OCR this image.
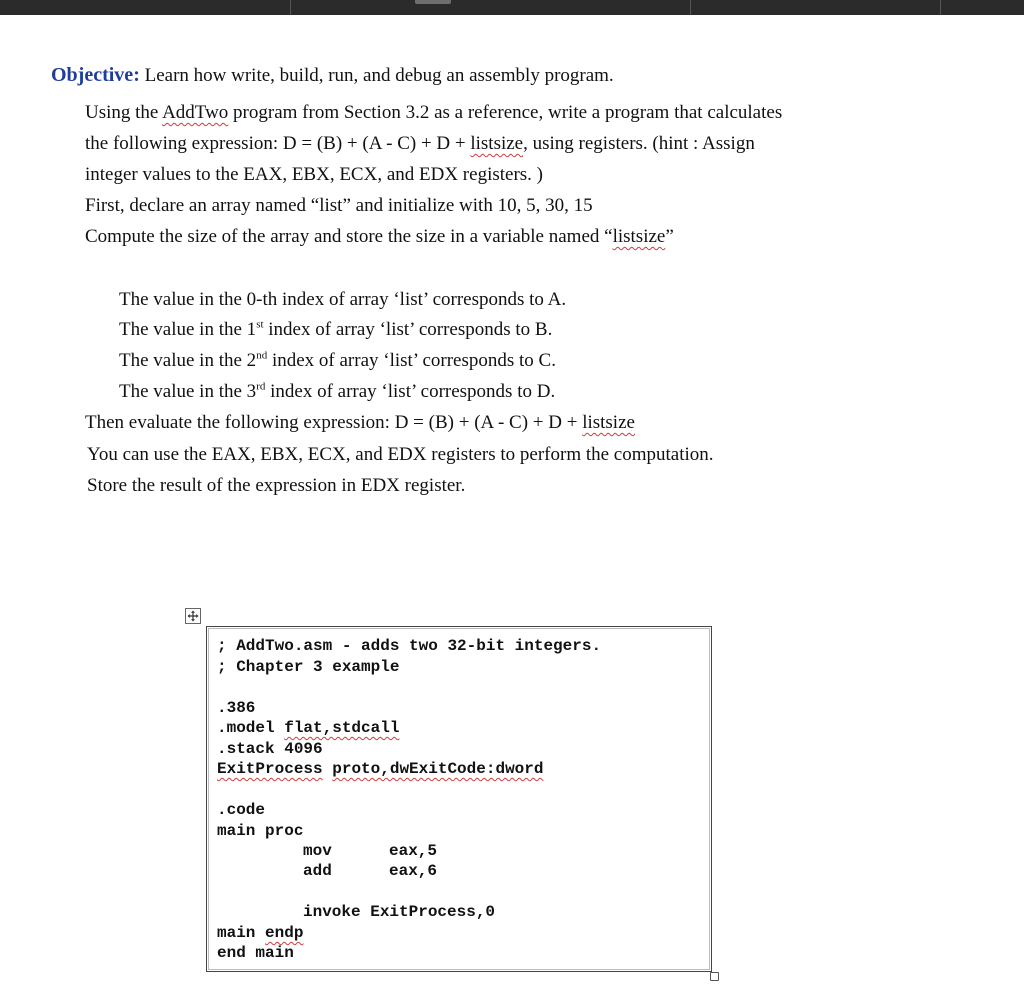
Objective: Learn how write, build, run, and debug an assembly program.
Using the AddTwo program from Section 3.2 as a reference, write a program that calculates
the following expression: D = (B) + (A - C) + D + listsize, using registers. (hint : Assign
integer values to the EAX, EBX, ECX, and EDX registers. )
First, declare an array named “list” and initialize with 10, 5, 30, 15
Compute the size of the array and store the size in a variable named “listsize”
The value in the 0-th index of array ‘list’ corresponds to A.
The value in the 1st index of array ‘list’ corresponds to B.
The value in the 2nd index of array ‘list’ corresponds to C.
The value in the 3rd index of array ‘list’ corresponds to D.
Then evaluate the following expression: D = (B) + (A - C) + D + listsize
You can use the EAX, EBX, ECX, and EDX registers to perform the computation.
Store the result of the expression in EDX register.
; AddTwo.asm - adds two 32-bit integers.
; Chapter 3 example
.386
.model flat,stdcall
.stack 4096
ExitProcess proto,dwExitCode:dword
.code
main proc
mov	eax,5
add	eax,6
invoke ExitProcess,0
main endp
end main
